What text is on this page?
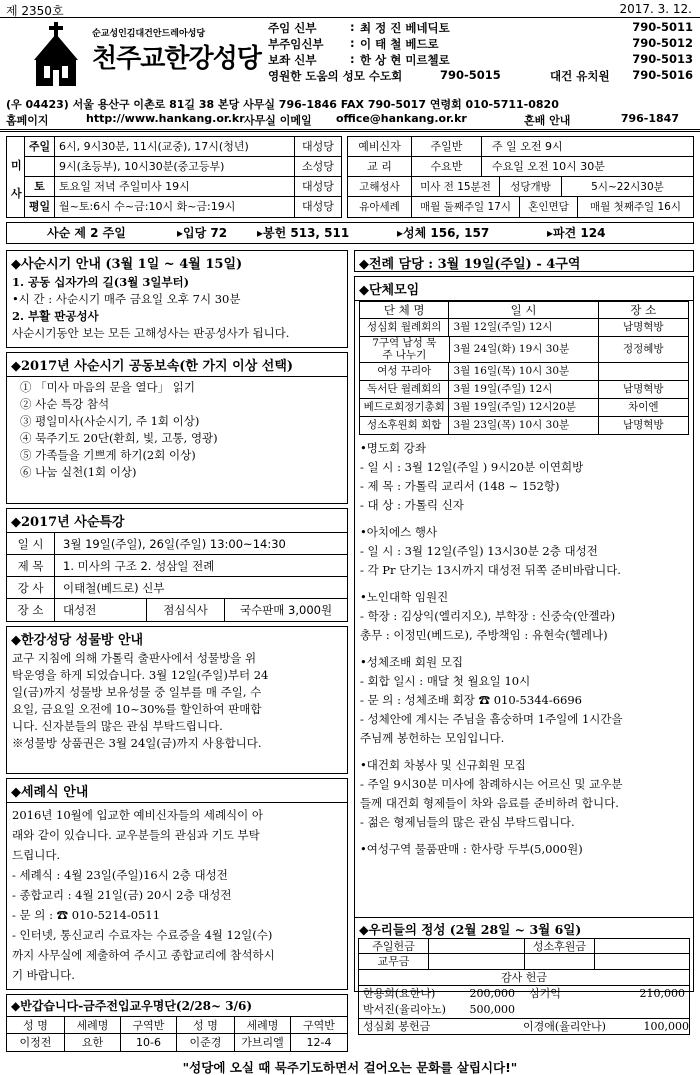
제 2350호	2017. 3. 12.
순교성인김대건안드레아성당
천주교한강성당
주임 신부	: 최 정 진 베네딕토	790-5011
부주임신부	: 이 태 철 베드로	790-5012
보좌 신부	: 한 상 현 미르첼로	790-5013
영원한 도움의 성모 수도회	790-5015	대건 유치원	790-5016
(우 04423) 서울 용산구 이촌로 81길 38 본당 사무실 796-1846 FAX 790-5017 연령회 010-5711-0820
홈페이지	http://www.hankang.or.kr 사무실 이메일	office@hankang.or.kr	혼배 안내	796-1847
미
사
주일 6시, 9시30분, 11시(교중), 17시(청년)	대성당
9시(초등부), 10시30분(중고등부)	소성당
토	토요일 저녁 주일미사 19시	대성당
평일 월~토:6시 수~금:10시 화~금:19시	대성당
예비신자	주일반	주 일 오전 9시
교 리	수요반	수요일 오전 10시 30분
고해성사	미사 전 15분전	성당개방	5시~22시30분
유아세례	매월 둘째주일 17시	혼인면담	매월 첫째주일 16시
사순 제 2 주일	▸입당 72	▸봉헌 513, 511	▸성체 156, 157	▸파견 124
◆사순시기 안내 (3월 1일 ~ 4월 15일)
1. 공동 십자가의 길(3월 3일부터)
•시 간 : 사순시기 매주 금요일 오후 7시 30분
2. 부활 판공성사
사순시기동안 보는 모든 고해성사는 판공성사가 됩니다.
◆2017년 사순시기 공동보속(한 가지 이상 선택)
① 「미사 마음의 문을 열다」 읽기
② 사순 특강 참석
③ 평일미사(사순시기, 주 1회 이상)
④ 묵주기도 20단(환희, 빛, 고통, 영광)
⑤ 가족들을 기쁘게 하기(2회 이상)
⑥ 나눔 실천(1회 이상)
◆2017년 사순특강
일 시	3월 19일(주일), 26일(주일) 13:00~14:30
제 목	1. 미사의 구조 2. 성삼일 전례
강 사	이태철(베드로) 신부
장 소	대성전	점심식사	국수판매 3,000원
◆한강성당 성물방 안내
교구 지침에 의해 가톨릭 출판사에서 성물방을 위
탁운영을 하게 되었습니다. 3월 12일(주일)부터 24
일(금)까지 성물방 보유성물 중 일부를 매 주일, 수
요일, 금요일 오전에 10~30%를 할인하여 판매합
니다. 신자분들의 많은 관심 부탁드립니다.
※성물방 상품권은 3월 24일(금)까지 사용합니다.
◆세례식 안내
2016년 10월에 입교한 예비신자들의 세례식이 아
래와 같이 있습니다. 교우분들의 관심과 기도 부탁
드립니다.
- 세례식 : 4월 23일(주일)16시 2층 대성전
- 종합교리 : 4월 21일(금) 20시 2층 대성전
- 문 의 : ☎ 010-5214-0511
- 인터넷, 통신교리 수료자는 수료증을 4월 12일(수)
까지 사무실에 제출하여 주시고 종합교리에 참석하시
기 바랍니다.
◆반갑습니다-금주전입교우명단(2/28~ 3/6)
성 명	세례명	구역반	성 명	세례명	구역반
이정전	요한	10-6	이준경	가브리엘	12-4
◆전례 담당 : 3월 19일(주일) - 4구역
◆단체모임
단 체 명	일 시	장 소
성심회 월례회의	3월 12일(주일) 12시	남명혁방
7구역 남성 묵주 나누기	3월 24일(화) 19시 30분	정정혜방
여성 꾸리아	3월 16일(목) 10시 30분
독서단 월례회의	3월 19일(주일) 12시	남명혁방
베드로회정기총회 3월 19일(주일) 12시20분	차이엔
성소후원회 회합	3월 23일(목) 10시 30분	남명혁방
•명도회 강좌
- 일 시 : 3월 12일(주일 ) 9시20분 이연희방
- 제 목 : 가톨릭 교리서 (148 ~ 152항)
- 대 상 : 가톨릭 신자
•아치에스 행사
- 일 시 : 3월 12일(주일) 13시30분 2층 대성전
- 각 Pr 단기는 13시까지 대성전 뒤쪽 준비바랍니다.
•노인대학 임원진
- 학장 : 김상익(엘리지오), 부학장 : 신중숙(안젤라)
총무 : 이정민(베드로), 주방책임 : 유현숙(헬레나)
•성체조배 회원 모집
- 회합 일시 : 매달 첫 월요일 10시
- 문 의 : 성체조배 회장 ☎ 010-5344-6696
- 성체안에 계시는 주님을 흠숭하며 1주일에 1시간을
주님께 봉헌하는 모임입니다.
•대건회 차봉사 및 신규회원 모집
- 주일 9시30분 미사에 참례하시는 어르신 및 교우분
들께 대건회 형제들이 차와 음료를 준비하려 합니다.
- 젊은 형제님들의 많은 관심 부탁드립니다.
•여성구역 물품판매 : 한사랑 두부(5,000원)
◆우리들의 정성 (2월 28일 ~ 3월 6일)
주일헌금	성소후원금
교무금
감사 헌금
한용희(요한나)	200,000	심기억	210,000
박서진(율리아노)	500,000
성심회 봉헌금	이경애(율리안나)	100,000
"성당에 오실 때 묵주기도하면서 걸어오는 문화를 살립시다!"
